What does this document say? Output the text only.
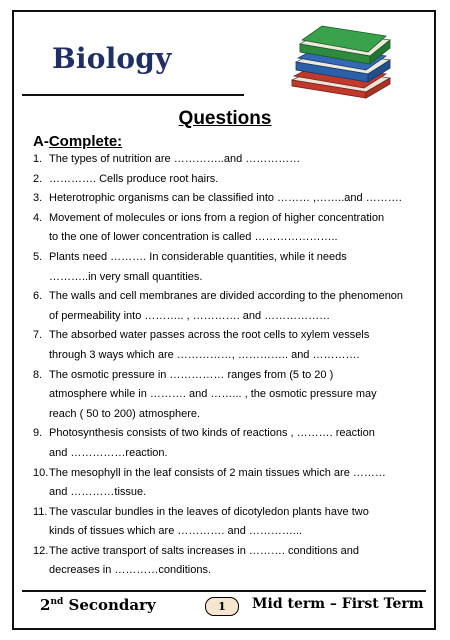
Biology
Questions
A-Complete:
1. The types of nutrition are …………..and ……………
2. …………. Cells produce root hairs.
3. Heterotrophic organisms can be classified into ……… ,……..and ……….
4. Movement of molecules or ions from a region of higher concentration
to the one of lower concentration is called …………………..
5. Plants need ………. In considerable quantities, while it needs
………..in very small quantities.
6. The walls and cell membranes are divided according to the phenomenon
of permeability into ……….. , …………. and ………………
7. The absorbed water passes across the root cells to xylem vessels
through 3 ways which are ……………, ………….. and ………….
8. The osmotic pressure in …………… ranges from (5 to 20 )
atmosphere while in ………. and ……... , the osmotic pressure may
reach ( 50 to 200) atmosphere.
9. Photosynthesis consists of two kinds of reactions , ………. reaction
and ……………reaction.
10. The mesophyll in the leaf consists of 2 main tissues which are ………
and …………tissue.
11. The vascular bundles in the leaves of dicotyledon plants have two
kinds of tissues which are …………. and …………...
12. The active transport of salts increases in ………. conditions and
decreases in …………conditions.
2nd Secondary	1	Mid term – First Term
